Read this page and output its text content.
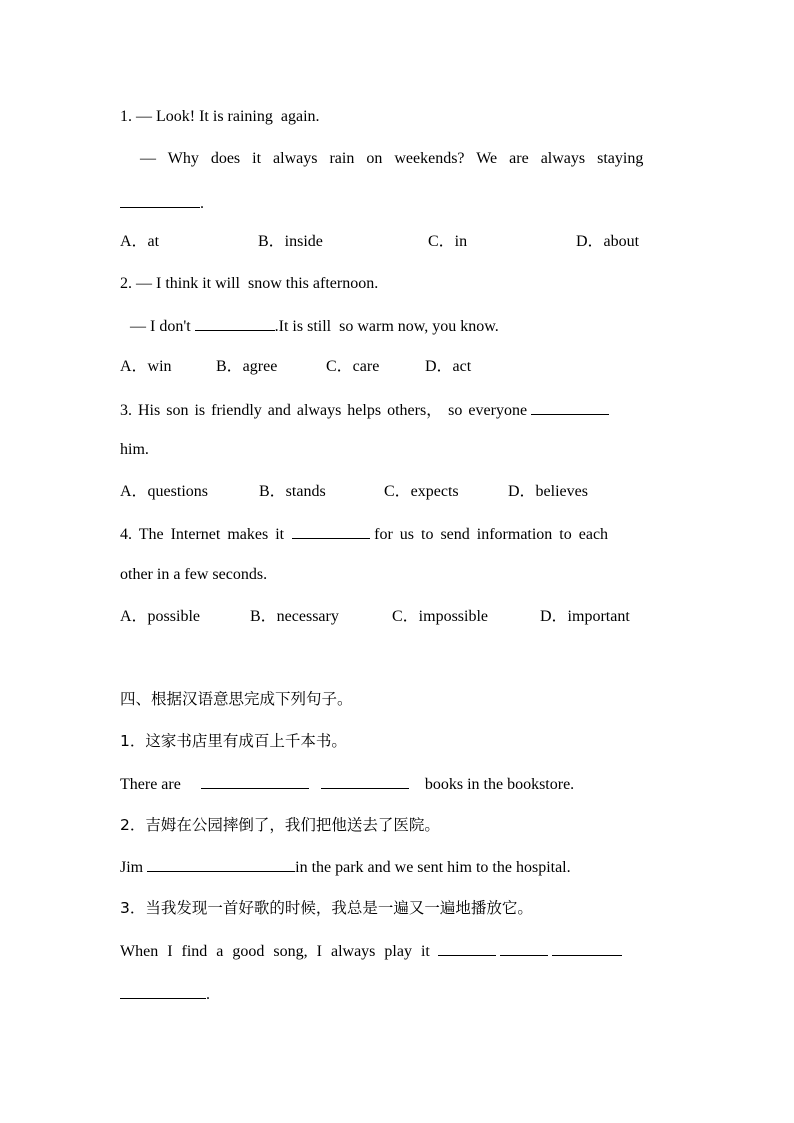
1. — Look! It is raining  again.
— Why does it always rain on weekends? We are always staying
.
A．at	B．inside	C．in	D．about
2. — I think it will  snow this afternoon.
— I don't	.It is still  so warm now, you know.
A．win	B．agree	C．care	D．act
3. His son is friendly and always helps others， so everyone
him.
A．questions	B．stands	C．expects	D．believes
4. The Internet makes it	for us to send information to each
other in a few seconds.
A．possible	B．necessary	C．impossible	D．important
四、根据汉语意思完成下列句子。
1．这家书店里有成百上千本书。
There are	books in the bookstore.
2．吉姆在公园摔倒了，我们把他送去了医院。
Jim	in the park and we sent him to the hospital.
3．当我发现一首好歌的时候，我总是一遍又一遍地播放它。
When I find a good song, I always play it
.
